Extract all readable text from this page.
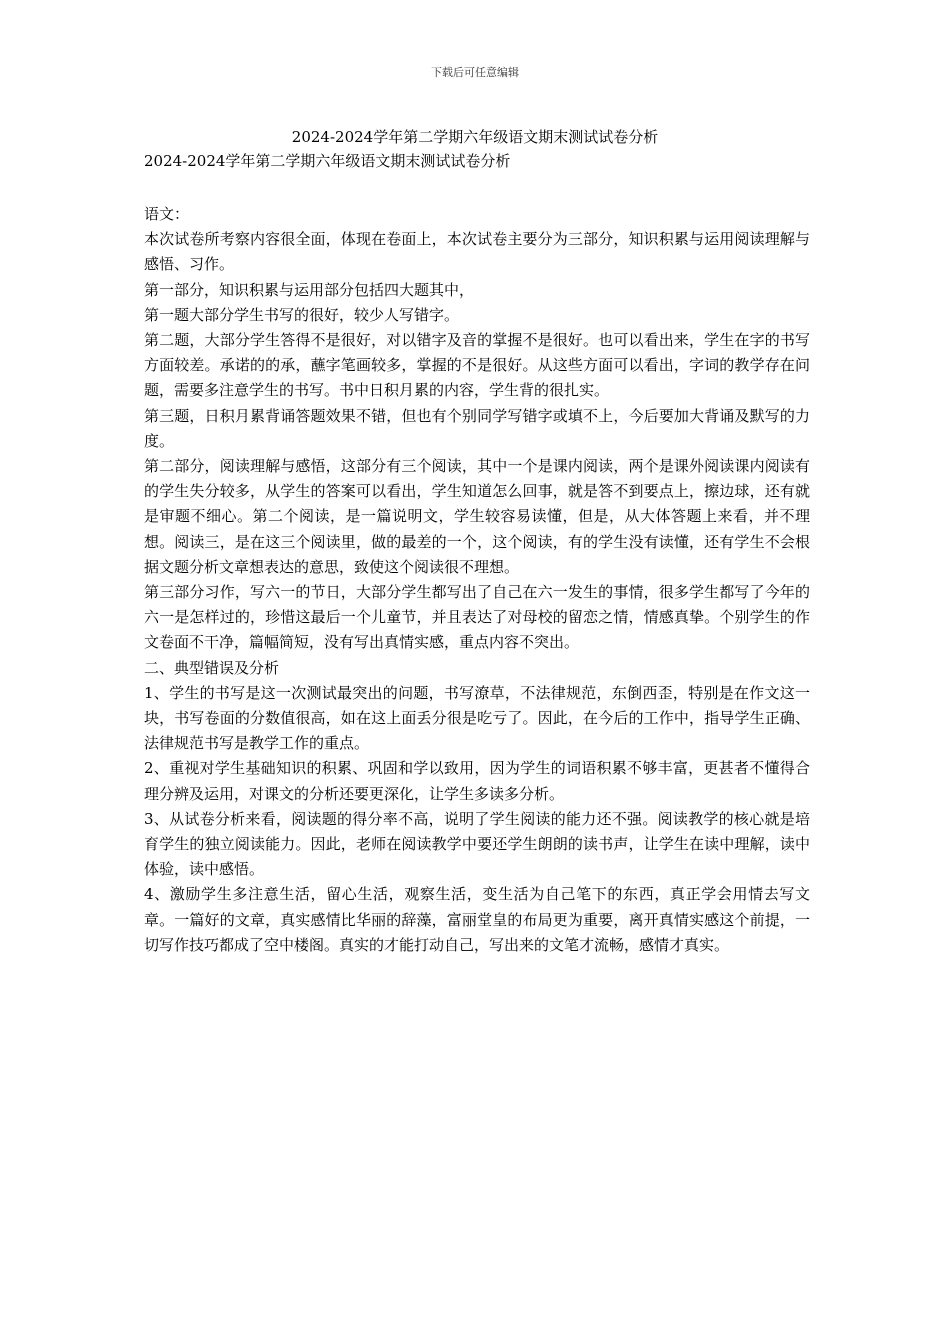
下载后可任意编辑
2024-2024学年第二学期六年级语文期末测试试卷分析
2024-2024学年第二学期六年级语文期末测试试卷分析

语文：

本次试卷所考察内容很全面，体现在卷面上，本次试卷主要分为三部分，知识积累与运用阅读理解与感悟、习作。

第一部分，知识积累与运用部分包括四大题其中，

第一题大部分学生书写的很好，较少人写错字。

第二题，大部分学生答得不是很好，对以错字及音的掌握不是很好。也可以看出来，学生在字的书写方面较差。承诺的的承，蘸字笔画较多，掌握的不是很好。从这些方面可以看出，字词的教学存在问题，需要多注意学生的书写。书中日积月累的内容，学生背的很扎实。

第三题，日积月累背诵答题效果不错，但也有个别同学写错字或填不上，今后要加大背诵及默写的力度。

第二部分，阅读理解与感悟，这部分有三个阅读，其中一个是课内阅读，两个是课外阅读课内阅读有的学生失分较多，从学生的答案可以看出，学生知道怎么回事，就是答不到要点上，擦边球，还有就是审题不细心。第二个阅读，是一篇说明文，学生较容易读懂，但是，从大体答题上来看，并不理想。阅读三，是在这三个阅读里，做的最差的一个，这个阅读，有的学生没有读懂，还有学生不会根据文题分析文章想表达的意思，致使这个阅读很不理想。

第三部分习作，写六一的节日，大部分学生都写出了自己在六一发生的事情，很多学生都写了今年的六一是怎样过的，珍惜这最后一个儿童节，并且表达了对母校的留恋之情，情感真挚。个别学生的作文卷面不干净，篇幅简短，没有写出真情实感，重点内容不突出。

二、典型错误及分析

1、学生的书写是这一次测试最突出的问题，书写潦草，不法律规范，东倒西歪，特别是在作文这一块，书写卷面的分数值很高，如在这上面丢分很是吃亏了。因此，在今后的工作中，指导学生正确、法律规范书写是教学工作的重点。

2、重视对学生基础知识的积累、巩固和学以致用，因为学生的词语积累不够丰富，更甚者不懂得合理分辨及运用，对课文的分析还要更深化，让学生多读多分析。

3、从试卷分析来看，阅读题的得分率不高，说明了学生阅读的能力还不强。阅读教学的核心就是培育学生的独立阅读能力。因此，老师在阅读教学中要还学生朗朗的读书声，让学生在读中理解，读中体验，读中感悟。

4、激励学生多注意生活，留心生活，观察生活，变生活为自己笔下的东西，真正学会用情去写文章。一篇好的文章，真实感情比华丽的辞藻，富丽堂皇的布局更为重要，离开真情实感这个前提，一切写作技巧都成了空中楼阁。真实的才能打动自己，写出来的文笔才流畅，感情才真实。
